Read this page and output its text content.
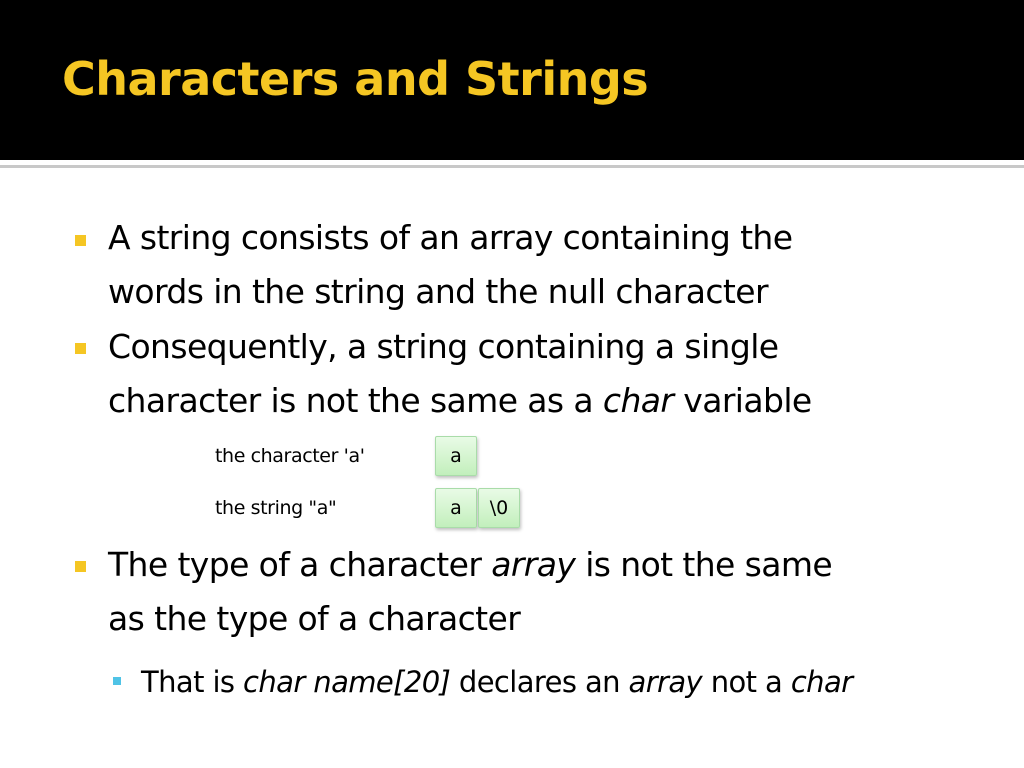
Characters and Strings
A string consists of an array containing the
words in the string and the null character
Consequently, a string containing a single
character is not the same as a char variable
the character 'a'	a
the string "a"	a	\0
The type of a character array is not the same
as the type of a character
That is char name[20] declares an array not a char
